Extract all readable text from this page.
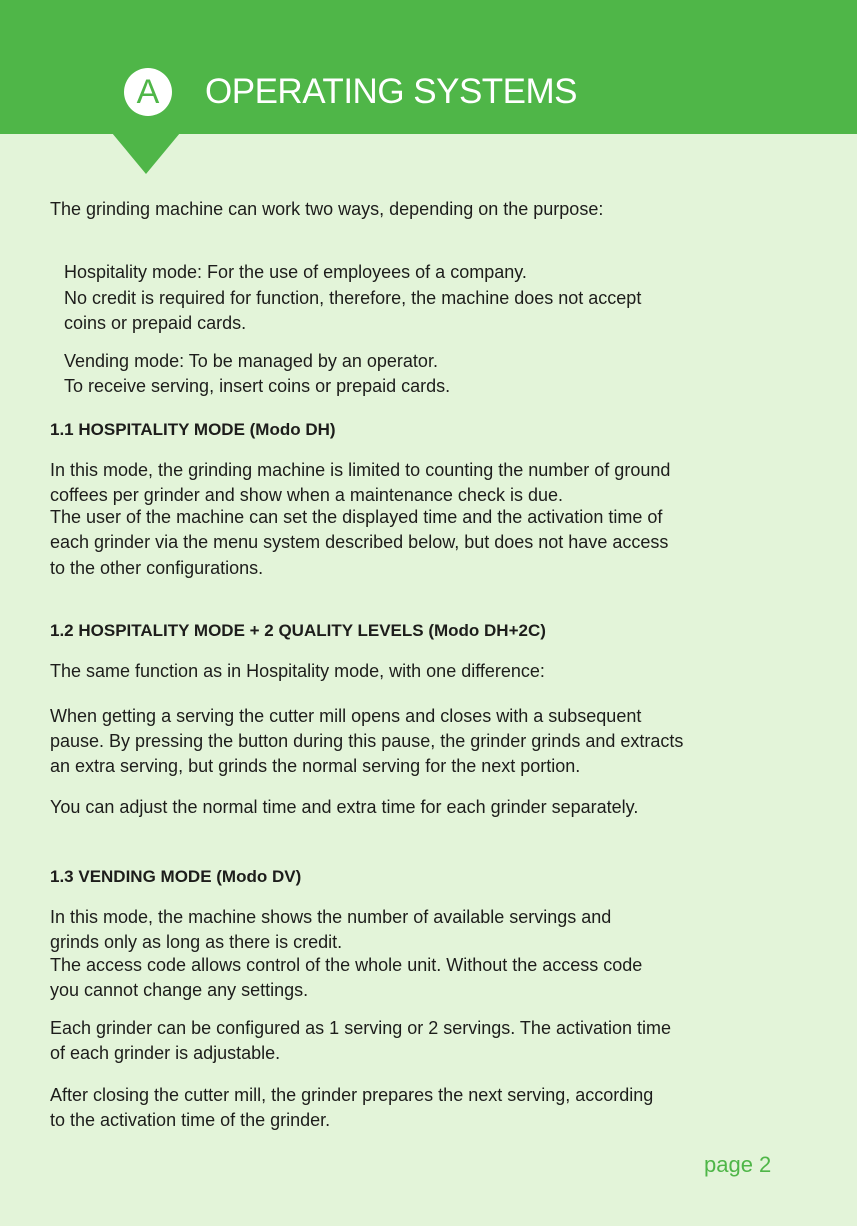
A	OPERATING SYSTEMS
The grinding machine can work two ways, depending on the purpose:
Hospitality mode: For the use of employees of a company.
No credit is required for function, therefore, the machine does not accept
coins or prepaid cards.
Vending mode: To be managed by an operator.
To receive serving, insert coins or prepaid cards.
1.1 HOSPITALITY MODE (Modo DH)
In this mode, the grinding machine is limited to counting the number of ground
coffees per grinder and show when a maintenance check is due.
The user of the machine can set the displayed time and the activation time of
each grinder via the menu system described below, but does not have access
to the other configurations.
1.2 HOSPITALITY MODE + 2 QUALITY LEVELS (Modo DH+2C)
The same function as in Hospitality mode, with one difference:
When getting a serving the cutter mill opens and closes with a subsequent
pause. By pressing the button during this pause, the grinder grinds and extracts
an extra serving, but grinds the normal serving for the next portion.
You can adjust the normal time and extra time for each grinder separately.
1.3 VENDING MODE (Modo DV)
In this mode, the machine shows the number of available servings and
grinds only as long as there is credit.
The access code allows control of the whole unit. Without the access code
you cannot change any settings.
Each grinder can be configured as 1 serving or 2 servings. The activation time
of each grinder is adjustable.
After closing the cutter mill, the grinder prepares the next serving, according
to the activation time of the grinder.
page 2
